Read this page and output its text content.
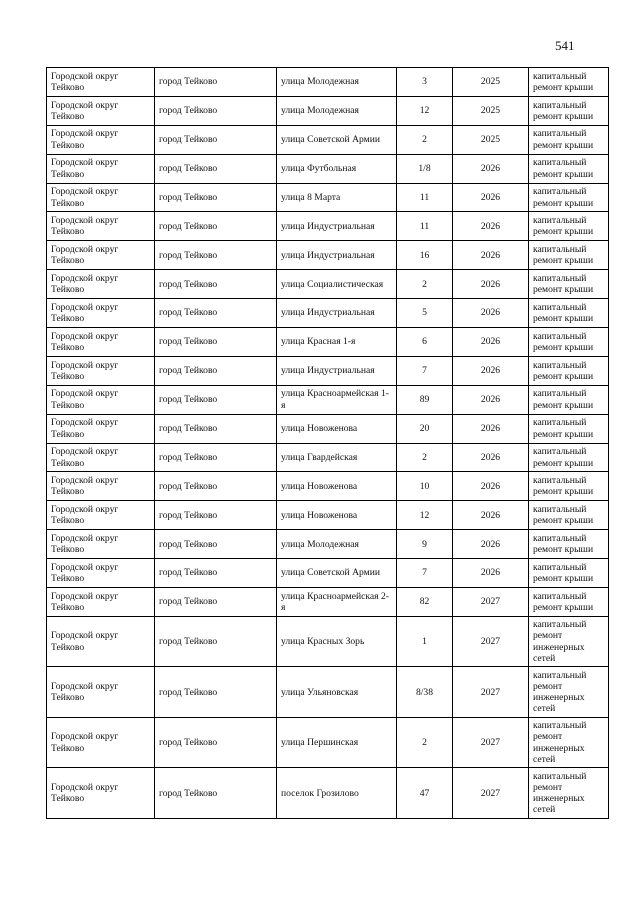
541
Городской округ Тейково	город Тейково	улица Молодежная	3	2025	капитальный ремонт крыши
Городской округ Тейково	город Тейково	улица Молодежная	12	2025	капитальный ремонт крыши
Городской округ Тейково	город Тейково	улица Советской Армии	2	2025	капитальный ремонт крыши
Городской округ Тейково	город Тейково	улица Футбольная	1/8	2026	капитальный ремонт крыши
Городской округ Тейково	город Тейково	улица 8 Марта	11	2026	капитальный ремонт крыши
Городской округ Тейково	город Тейково	улица Индустриальная	11	2026	капитальный ремонт крыши
Городской округ Тейково	город Тейково	улица Индустриальная	16	2026	капитальный ремонт крыши
Городской округ Тейково	город Тейково	улица Социалистическая	2	2026	капитальный ремонт крыши
Городской округ Тейково	город Тейково	улица Индустриальная	5	2026	капитальный ремонт крыши
Городской округ Тейково	город Тейково	улица Красная 1-я	6	2026	капитальный ремонт крыши
Городской округ Тейково	город Тейково	улица Индустриальная	7	2026	капитальный ремонт крыши
Городской округ Тейково	город Тейково	улица Красноармейская 1-я	89	2026	капитальный ремонт крыши
Городской округ Тейково	город Тейково	улица Новоженова	20	2026	капитальный ремонт крыши
Городской округ Тейково	город Тейково	улица Гвардейская	2	2026	капитальный ремонт крыши
Городской округ Тейково	город Тейково	улица Новоженова	10	2026	капитальный ремонт крыши
Городской округ Тейково	город Тейково	улица Новоженова	12	2026	капитальный ремонт крыши
Городской округ Тейково	город Тейково	улица Молодежная	9	2026	капитальный ремонт крыши
Городской округ Тейково	город Тейково	улица Советской Армии	7	2026	капитальный ремонт крыши
Городской округ Тейково	город Тейково	улица Красноармейская 2-я	82	2027	капитальный ремонт крыши
Городской округ Тейково	город Тейково	улица Красных Зорь	1	2027	капитальный ремонт инженерных сетей
Городской округ Тейково	город Тейково	улица Ульяновская	8/38	2027	капитальный ремонт инженерных сетей
Городской округ Тейково	город Тейково	улица Першинская	2	2027	капитальный ремонт инженерных сетей
Городской округ Тейково	город Тейково	поселок Грозилово	47	2027	капитальный ремонт инженерных сетей
